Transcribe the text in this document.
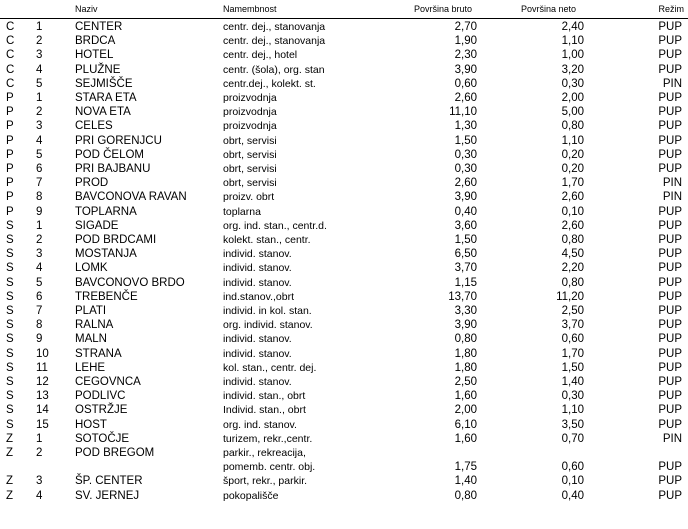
Naziv	Namembnost	Površina bruto	Površina neto	Režim
C 1	CENTER	centr. dej., stanovanja	2,70	2,40	PUP
C 2	BRDCA	centr. dej., stanovanja	1,90	1,10	PUP
C 3	HOTEL	centr. dej., hotel	2,30	1,00	PUP
C 4	PLUŽNE	centr. (šola), org. stan	3,90	3,20	PUP
C 5	SEJMIŠČE	centr.dej., kolekt. st.	0,60	0,30	PIN
P 1	STARA ETA	proizvodnja	2,60	2,00	PUP
P 2	NOVA ETA	proizvodnja	11,10	5,00	PUP
P 3	CELES	proizvodnja	1,30	0,80	PUP
P 4	PRI GORENJCU	obrt, servisi	1,50	1,10	PUP
P 5	POD ČELOM	obrt, servisi	0,30	0,20	PUP
P 6	PRI BAJBANU	obrt, servisi	0,30	0,20	PUP
P 7	PROD	obrt, servisi	2,60	1,70	PIN
P 8	BAVCONOVA RAVAN	proizv. obrt	3,90	2,60	PIN
P 9	TOPLARNA	toplarna	0,40	0,10	PUP
S 1	SIGADE	org. ind. stan., centr.d.	3,60	2,60	PUP
S 2	POD BRDCAMI	kolekt. stan., centr.	1,50	0,80	PUP
S 3	MOSTANJA	individ. stanov.	6,50	4,50	PUP
S 4	LOMK	individ. stanov.	3,70	2,20	PUP
S 5	BAVCONOVO BRDO	individ. stanov.	1,15	0,80	PUP
S 6	TREBENČE	ind.stanov.,obrt	13,70	11,20	PUP
S 7	PLATI	individ. in kol. stan.	3,30	2,50	PUP
S 8	RALNA	org. individ. stanov.	3,90	3,70	PUP
S 9	MALN	individ. stanov.	0,80	0,60	PUP
S 10 STRANA	individ. stanov.	1,80	1,70	PUP
S 11 LEHE	kol. stan., centr. dej.	1,80	1,50	PUP
S 12 CEGOVNCA	individ. stanov.	2,50	1,40	PUP
S 13 PODLIVC	individ. stan., obrt	1,60	0,30	PUP
S 14 OSTRŽJE	Individ. stan., obrt	2,00	1,10	PUP
S 15 HOST	org. ind. stanov.	6,10	3,50	PUP
Z 1	SOTOČJE	turizem, rekr.,centr.	1,60	0,70	PIN
Z 2	POD BREGOM	parkir., rekreacija,
pomemb. centr. obj.	1,75	0,60	PUP
Z 3	ŠP. CENTER	šport, rekr., parkir.	1,40	0,10	PUP
Z 4	SV. JERNEJ	pokopališče	0,80	0,40	PUP
